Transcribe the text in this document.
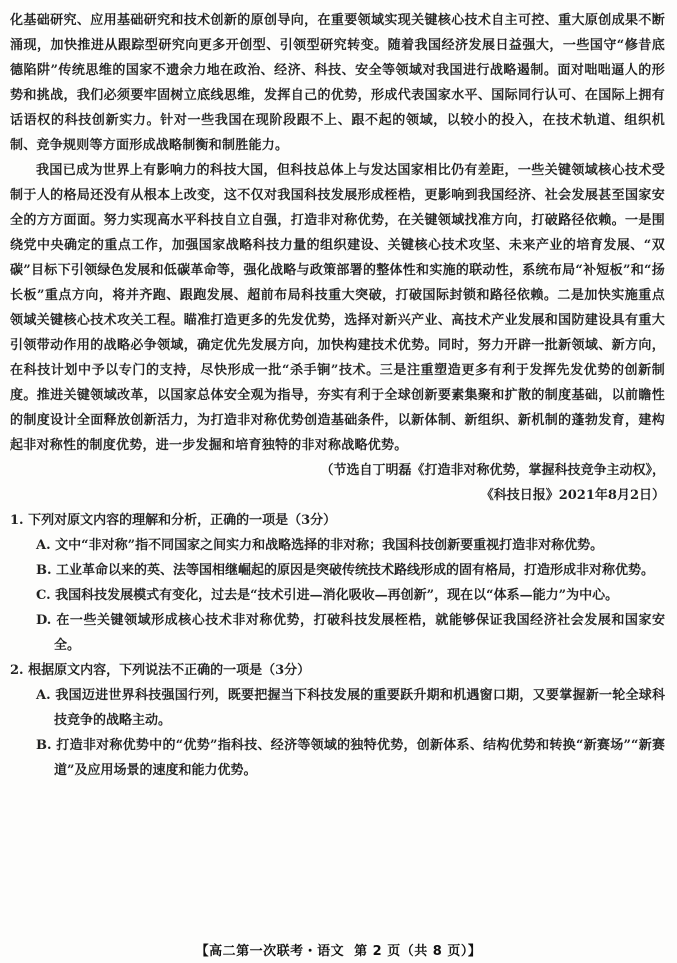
化基础研究、应用基础研究和技术创新的原创导向，在重要领域实现关键核心技术自主可控、重大原创成果不断涌现，加快推进从跟踪型研究向更多开创型、引领型研究转变。随着我国经济发展日益强大，一些国守“修昔底德陷阱”传统思维的国家不遗余力地在政治、经济、科技、安全等领域对我国进行战略遏制。面对咄咄逼人的形势和挑战，我们必须要牢固树立底线思维，发挥自己的优势，形成代表国家水平、国际同行认可、在国际上拥有话语权的科技创新实力。针对一些我国在现阶段跟不上、跟不起的领域，以较小的投入，在技术轨道、组织机制、竞争规则等方面形成战略制衡和制胜能力。

我国已成为世界上有影响力的科技大国，但科技总体上与发达国家相比仍有差距，一些关键领域核心技术受制于人的格局还没有从根本上改变，这不仅对我国科技发展形成桎梏，更影响到我国经济、社会发展甚至国家安全的方方面面。努力实现高水平科技自立自强，打造非对称优势，在关键领域找准方向，打破路径依赖。一是围绕党中央确定的重点工作，加强国家战略科技力量的组织建设、关键核心技术攻坚、未来产业的培育发展、“双碳”目标下引领绿色发展和低碳革命等，强化战略与政策部署的整体性和实施的联动性，系统布局“补短板”和“扬长板”重点方向，将并齐跑、跟跑发展、超前布局科技重大突破，打破国际封锁和路径依赖。二是加快实施重点领域关键核心技术攻关工程。瞄准打造更多的先发优势，选择对新兴产业、高技术产业发展和国防建设具有重大引领带动作用的战略必争领域，确定优先发展方向，加快构建技术优势。同时，努力开辟一批新领域、新方向，在科技计划中予以专门的支持，尽快形成一批“杀手锏”技术。三是注重塑造更多有利于发挥先发优势的创新制度。推进关键领域改革，以国家总体安全观为指导，夯实有利于全球创新要素集聚和扩散的制度基础，以前瞻性的制度设计全面释放创新活力，为打造非对称优势创造基础条件，以新体制、新组织、新机制的蓬勃发育，建构起非对称性的制度优势，进一步发掘和培育独特的非对称战略优势。

（节选自丁明磊《打造非对称优势，掌握科技竞争主动权》，

《科技日报》2021年8月2日）

1. 下列对原文内容的理解和分析，正确的一项是（3分）

A. 文中“非对称”指不同国家之间实力和战略选择的非对称；我国科技创新要重视打造非对称优势。

B. 工业革命以来的英、法等国相继崛起的原因是突破传统技术路线形成的固有格局，打造形成非对称优势。

C. 我国科技发展模式有变化，过去是“技术引进—消化吸收—再创新”，现在以“体系—能力”为中心。

D. 在一些关键领域形成核心技术非对称优势，打破科技发展桎梏，就能够保证我国经济社会发展和国家安全。

2. 根据原文内容，下列说法不正确的一项是（3分）

A. 我国迈进世界科技强国行列，既要把握当下科技发展的重要跃升期和机遇窗口期，又要掌握新一轮全球科技竞争的战略主动。

B. 打造非对称优势中的“优势”指科技、经济等领域的独特优势，创新体系、结构优势和转换“新赛场”“新赛道”及应用场景的速度和能力优势。

【高二第一次联考・语文 第 2 页（共 8 页）】
